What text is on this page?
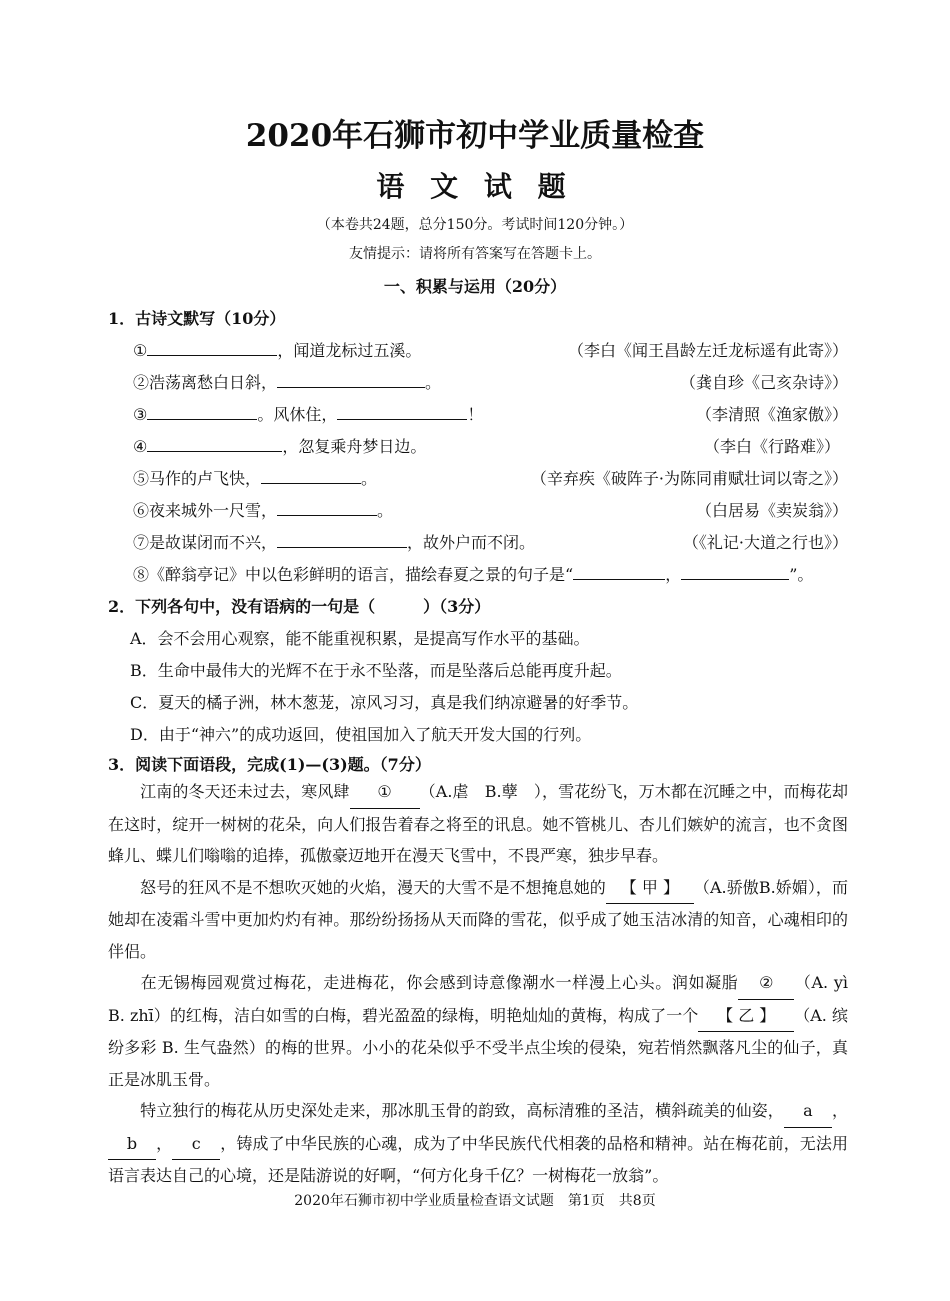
2020年石狮市初中学业质量检查
语 文 试 题
（本卷共24题，总分150分。考试时间120分钟。）
友情提示：请将所有答案写在答题卡上。
一、积累与运用（20分）
1．古诗文默写（10分）
①	，闻道龙标过五溪。	（李白《闻王昌龄左迁龙标遥有此寄》）
②浩荡离愁白日斜，	。	（龚自珍《己亥杂诗》）
③	。风休住，	！	（李清照《渔家傲》）
④	，忽复乘舟梦日边。	（李白《行路难》）
⑤马作的卢飞快，	。	（辛弃疾《破阵子·为陈同甫赋壮词以寄之》）
⑥夜来城外一尺雪，	。	（白居易《卖炭翁》）
⑦是故谋闭而不兴，	，故外户而不闭。	（《礼记·大道之行也》）
⑧《醉翁亭记》中以色彩鲜明的语言，描绘春夏之景的句子是“	，	”。
2．下列各句中，没有语病的一句是（　　　）（3分）
A．会不会用心观察，能不能重视积累，是提高写作水平的基础。
B．生命中最伟大的光辉不在于永不坠落，而是坠落后总能再度升起。
C．夏天的橘子洲，林木葱茏，凉风习习，真是我们纳凉避暑的好季节。
D．由于“神六”的成功返回，使祖国加入了航天开发大国的行列。
3．阅读下面语段，完成(1)—(3)题。（7分）

江南的冬天还未过去，寒风肆 ① （A.虐　B.孽　），雪花纷飞，万木都在沉睡之中，而梅花却在这时，绽开一树树的花朵，向人们报告着春之将至的讯息。她不管桃儿、杏儿们嫉妒的流言，也不贪图蜂儿、蝶儿们嗡嗡的追捧，孤傲豪迈地开在漫天飞雪中，不畏严寒，独步早春。

怒号的狂风不是不想吹灭她的火焰，漫天的大雪不是不想掩息她的 【 甲 】 （A.骄傲B.娇媚），而她却在凌霜斗雪中更加灼灼有神。那纷纷扬扬从天而降的雪花，似乎成了她玉洁冰清的知音，心魂相印的伴侣。

在无锡梅园观赏过梅花，走进梅花，你会感到诗意像潮水一样漫上心头。润如凝脂 ② （A. yì　B. zhī）的红梅，洁白如雪的白梅，碧光盈盈的绿梅，明艳灿灿的黄梅，构成了一个 【 乙 】 （A. 缤纷多彩 B. 生气盎然）的梅的世界。小小的花朵似乎不受半点尘埃的侵染，宛若悄然飘落凡尘的仙子，真正是冰肌玉骨。

特立独行的梅花从历史深处走来，那冰肌玉骨的韵致，高标清雅的圣洁，横斜疏美的仙姿， a ，b ， c ，铸成了中华民族的心魂，成为了中华民族代代相袭的品格和精神。站在梅花前，无法用语言表达自己的心境，还是陆游说的好啊，“何方化身千亿？一树梅花一放翁”。

2020年石狮市初中学业质量检查语文试题　第1页　共8页
